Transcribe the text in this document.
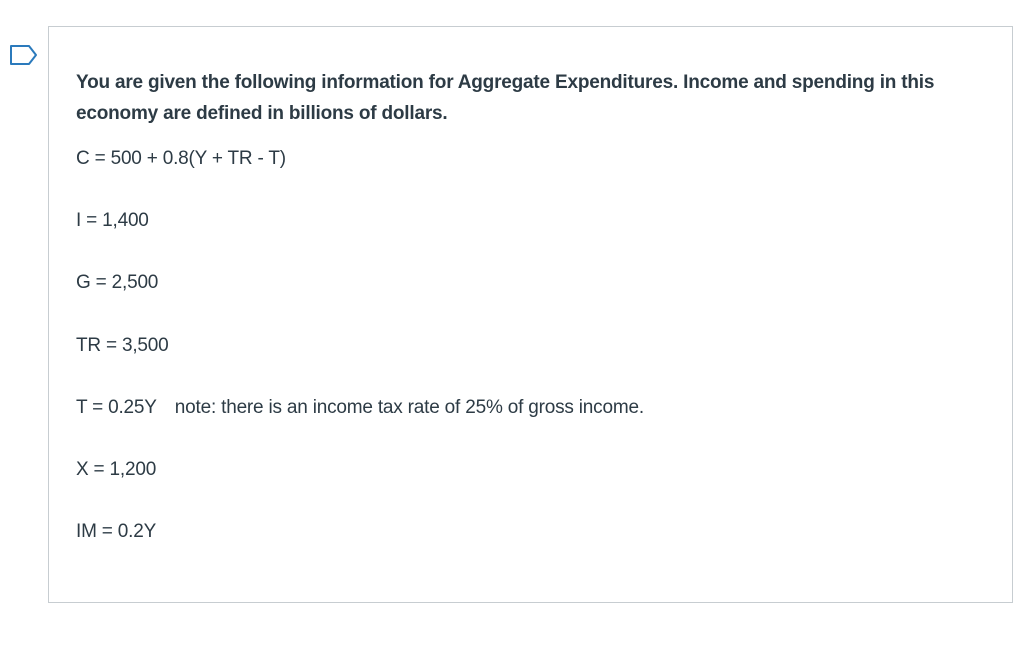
You are given the following information for Aggregate Expenditures. Income and spending in this economy are defined in billions of dollars.

C = 500 + 0.8(Y + TR - T)

I = 1,400

G = 2,500

TR = 3,500

T = 0.25Y note: there is an income tax rate of 25% of gross income.

X = 1,200

IM = 0.2Y
